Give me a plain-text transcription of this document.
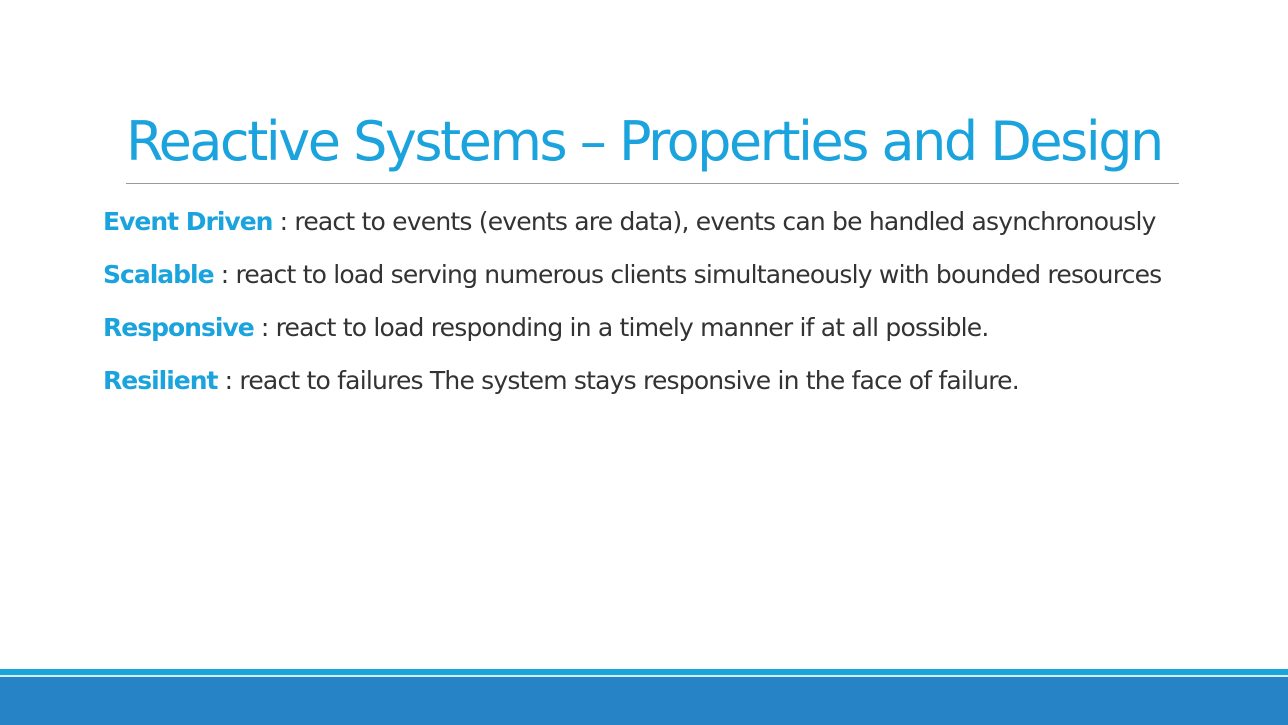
Reactive Systems – Properties and Design
Event Driven : react to events (events are data), events can be handled asynchronously
Scalable : react to load serving numerous clients simultaneously with bounded resources
Responsive : react to load responding in a timely manner if at all possible.
Resilient : react to failures The system stays responsive in the face of failure.
